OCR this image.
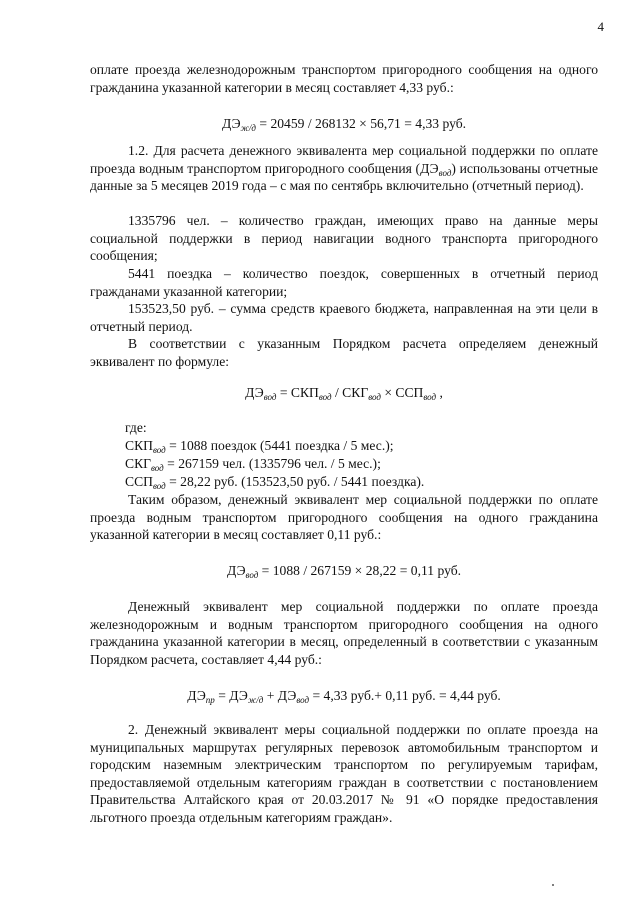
4

оплате проезда железнодорожным транспортом пригородного сообщения на одного гражданина указанной категории в месяц составляет 4,33 руб.:

$ДЭ_{ж/д} = 20459 / 268132 \times 56,71 = 4,33$ руб.

1.2. Для расчета денежного эквивалента мер социальной поддержки по оплате проезда водным транспортом пригородного сообщения $(ДЭ_{вод})$ использованы отчетные данные за 5 месяцев 2019 года – с мая по сентябрь включительно (отчетный период).

1335796 чел. – количество граждан, имеющих право на данные меры социальной поддержки в период навигации водного транспорта пригородного сообщения;

5441 поездка – количество поездок, совершенных в отчетный период гражданами указанной категории;

153523,50 руб. – сумма средств краевого бюджета, направленная на эти цели в отчетный период.

В соответствии с указанным Порядком расчета определяем денежный эквивалент по формуле:

$ДЭ_{вод} = СКП_{вод} / СКГ_{вод} \times ССП_{вод}$ ,

где:

$СКП_{вод} = 1088$ поездок (5441 поездка / 5 мес.);

$СКГ_{вод} = 267159$ чел. (1335796 чел. / 5 мес.);

$ССП_{вод} = 28,22$ руб. (153523,50 руб. / 5441 поездка).

Таким образом, денежный эквивалент мер социальной поддержки по оплате проезда водным транспортом пригородного сообщения на одного гражданина указанной категории в месяц составляет 0,11 руб.:

$ДЭ_{вод} = 1088 / 267159 \times 28,22 = 0,11$ руб.

Денежный эквивалент мер социальной поддержки по оплате проезда железнодорожным и водным транспортом пригородного сообщения на одного гражданина указанной категории в месяц, определенный в соответствии с указанным Порядком расчета, составляет 4,44 руб.:

$ДЭ_{пр} = ДЭ_{ж/д} + ДЭ_{вод} = 4,33$ руб.+ 0,11 руб. = 4,44 руб.

2. Денежный эквивалент меры социальной поддержки по оплате проезда на муниципальных маршрутах регулярных перевозок автомобильным транспортом и городским наземным электрическим транспортом по регулируемым тарифам, предоставляемой отдельным категориям граждан в соответствии с постановлением Правительства Алтайского края от 20.03.2017 № 91 «О порядке предоставления льготного проезда отдельным категориям граждан».
